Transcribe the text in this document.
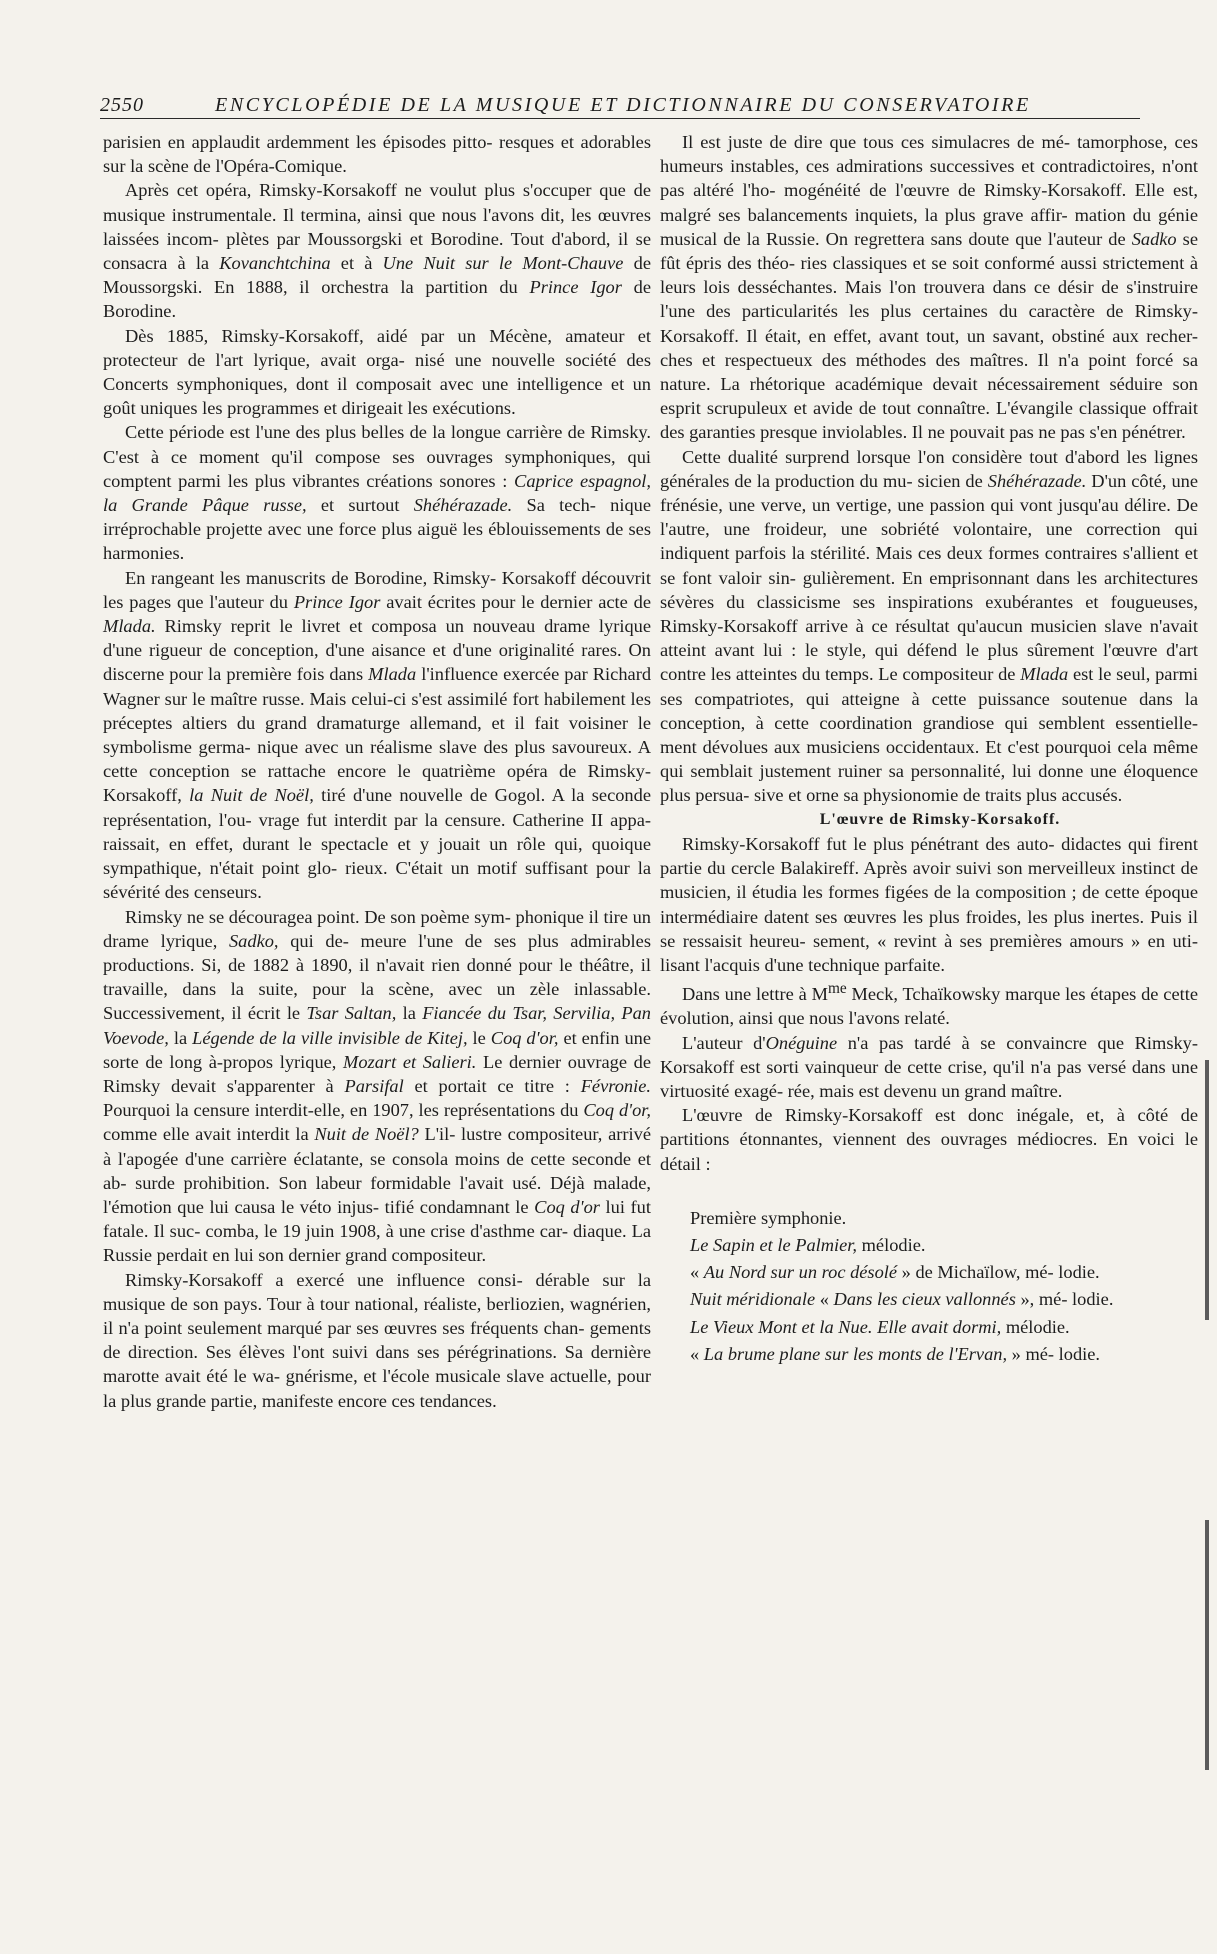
2550	ENCYCLOPÉDIE DE LA MUSIQUE ET DICTIONNAIRE DU CONSERVATOIRE

parisien en applaudit ardemment les épisodes pitto- resques et adorables sur la scène de l'Opéra-Comique.

Après cet opéra, Rimsky-Korsakoff ne voulut plus s'occuper que de musique instrumentale. Il termina, ainsi que nous l'avons dit, les œuvres laissées incom- plètes par Moussorgski et Borodine. Tout d'abord, il se consacra à la Kovanchtchina et à Une Nuit sur le Mont-Chauve de Moussorgski. En 1888, il orchestra la partition du Prince Igor de Borodine.

Dès 1885, Rimsky-Korsakoff, aidé par un Mécène, amateur et protecteur de l'art lyrique, avait orga- nisé une nouvelle société des Concerts symphoniques, dont il composait avec une intelligence et un goût uniques les programmes et dirigeait les exécutions.

Cette période est l'une des plus belles de la longue carrière de Rimsky. C'est à ce moment qu'il compose ses ouvrages symphoniques, qui comptent parmi les plus vibrantes créations sonores : Caprice espagnol, la Grande Pâque russe, et surtout Shéhérazade. Sa tech- nique irréprochable projette avec une force plus aiguë les éblouissements de ses harmonies.

En rangeant les manuscrits de Borodine, Rimsky- Korsakoff découvrit les pages que l'auteur du Prince Igor avait écrites pour le dernier acte de Mlada. Rimsky reprit le livret et composa un nouveau drame lyrique d'une rigueur de conception, d'une aisance et d'une originalité rares. On discerne pour la première fois dans Mlada l'influence exercée par Richard Wagner sur le maître russe. Mais celui-ci s'est assimilé fort habilement les préceptes altiers du grand dramaturge allemand, et il fait voisiner le symbolisme germa- nique avec un réalisme slave des plus savoureux. A cette conception se rattache encore le quatrième opéra de Rimsky-Korsakoff, la Nuit de Noël, tiré d'une nouvelle de Gogol. A la seconde représentation, l'ou- vrage fut interdit par la censure. Catherine II appa- raissait, en effet, durant le spectacle et y jouait un rôle qui, quoique sympathique, n'était point glo- rieux. C'était un motif suffisant pour la sévérité des censeurs.

Rimsky ne se découragea point. De son poème sym- phonique il tire un drame lyrique, Sadko, qui de- meure l'une de ses plus admirables productions. Si, de 1882 à 1890, il n'avait rien donné pour le théâtre, il travaille, dans la suite, pour la scène, avec un zèle inlassable. Successivement, il écrit le Tsar Saltan, la Fiancée du Tsar, Servilia, Pan Voevode, la Légende de la ville invisible de Kitej, le Coq d'or, et enfin une sorte de long à-propos lyrique, Mozart et Salieri. Le dernier ouvrage de Rimsky devait s'apparenter à Parsifal et portait ce titre : Févronie. Pourquoi la censure interdit-elle, en 1907, les représentations du Coq d'or, comme elle avait interdit la Nuit de Noël? L'il- lustre compositeur, arrivé à l'apogée d'une carrière éclatante, se consola moins de cette seconde et ab- surde prohibition. Son labeur formidable l'avait usé. Déjà malade, l'émotion que lui causa le véto injus- tifié condamnant le Coq d'or lui fut fatale. Il suc- comba, le 19 juin 1908, à une crise d'asthme car- diaque. La Russie perdait en lui son dernier grand compositeur.

Rimsky-Korsakoff a exercé une influence consi- dérable sur la musique de son pays. Tour à tour national, réaliste, berliozien, wagnérien, il n'a point seulement marqué par ses œuvres ses fréquents chan- gements de direction. Ses élèves l'ont suivi dans ses pérégrinations. Sa dernière marotte avait été le wa- gnérisme, et l'école musicale slave actuelle, pour la plus grande partie, manifeste encore ces tendances.

Il est juste de dire que tous ces simulacres de mé- tamorphose, ces humeurs instables, ces admirations successives et contradictoires, n'ont pas altéré l'ho- mogénéité de l'œuvre de Rimsky-Korsakoff. Elle est, malgré ses balancements inquiets, la plus grave affir- mation du génie musical de la Russie. On regrettera sans doute que l'auteur de Sadko se fût épris des théo- ries classiques et se soit conformé aussi strictement à leurs lois desséchantes. Mais l'on trouvera dans ce désir de s'instruire l'une des particularités les plus certaines du caractère de Rimsky-Korsakoff. Il était, en effet, avant tout, un savant, obstiné aux recher- ches et respectueux des méthodes des maîtres. Il n'a point forcé sa nature. La rhétorique académique devait nécessairement séduire son esprit scrupuleux et avide de tout connaître. L'évangile classique offrait des garanties presque inviolables. Il ne pouvait pas ne pas s'en pénétrer.

Cette dualité surprend lorsque l'on considère tout d'abord les lignes générales de la production du mu- sicien de Shéhérazade. D'un côté, une frénésie, une verve, un vertige, une passion qui vont jusqu'au délire. De l'autre, une froideur, une sobriété volontaire, une correction qui indiquent parfois la stérilité. Mais ces deux formes contraires s'allient et se font valoir sin- gulièrement. En emprisonnant dans les architectures sévères du classicisme ses inspirations exubérantes et fougueuses, Rimsky-Korsakoff arrive à ce résultat qu'aucun musicien slave n'avait atteint avant lui : le style, qui défend le plus sûrement l'œuvre d'art contre les atteintes du temps. Le compositeur de Mlada est le seul, parmi ses compatriotes, qui atteigne à cette puissance soutenue dans la conception, à cette coordination grandiose qui semblent essentielle- ment dévolues aux musiciens occidentaux. Et c'est pourquoi cela même qui semblait justement ruiner sa personnalité, lui donne une éloquence plus persua- sive et orne sa physionomie de traits plus accusés.

L'œuvre de Rimsky-Korsakoff.

Rimsky-Korsakoff fut le plus pénétrant des auto- didactes qui firent partie du cercle Balakireff. Après avoir suivi son merveilleux instinct de musicien, il étudia les formes figées de la composition ; de cette époque intermédiaire datent ses œuvres les plus froides, les plus inertes. Puis il se ressaisit heureu- sement, « revint à ses premières amours » en uti- lisant l'acquis d'une technique parfaite.

Dans une lettre à $M^{me}$ Meck, Tchaïkowsky marque les étapes de cette évolution, ainsi que nous l'avons relaté.

L'auteur d'Onéguine n'a pas tardé à se convaincre que Rimsky-Korsakoff est sorti vainqueur de cette crise, qu'il n'a pas versé dans une virtuosité exagé- rée, mais est devenu un grand maître.

L'œuvre de Rimsky-Korsakoff est donc inégale, et, à côté de partitions étonnantes, viennent des ouvrages médiocres. En voici le détail :

Première symphonie.

Le Sapin et le Palmier, mélodie.

« Au Nord sur un roc désolé » de Michaïlow, mé- lodie.

Nuit méridionale « Dans les cieux vallonnés », mé- lodie.

Le Vieux Mont et la Nue. Elle avait dormi, mélodie.

« La brume plane sur les monts de l'Ervan, » mé- lodie.
